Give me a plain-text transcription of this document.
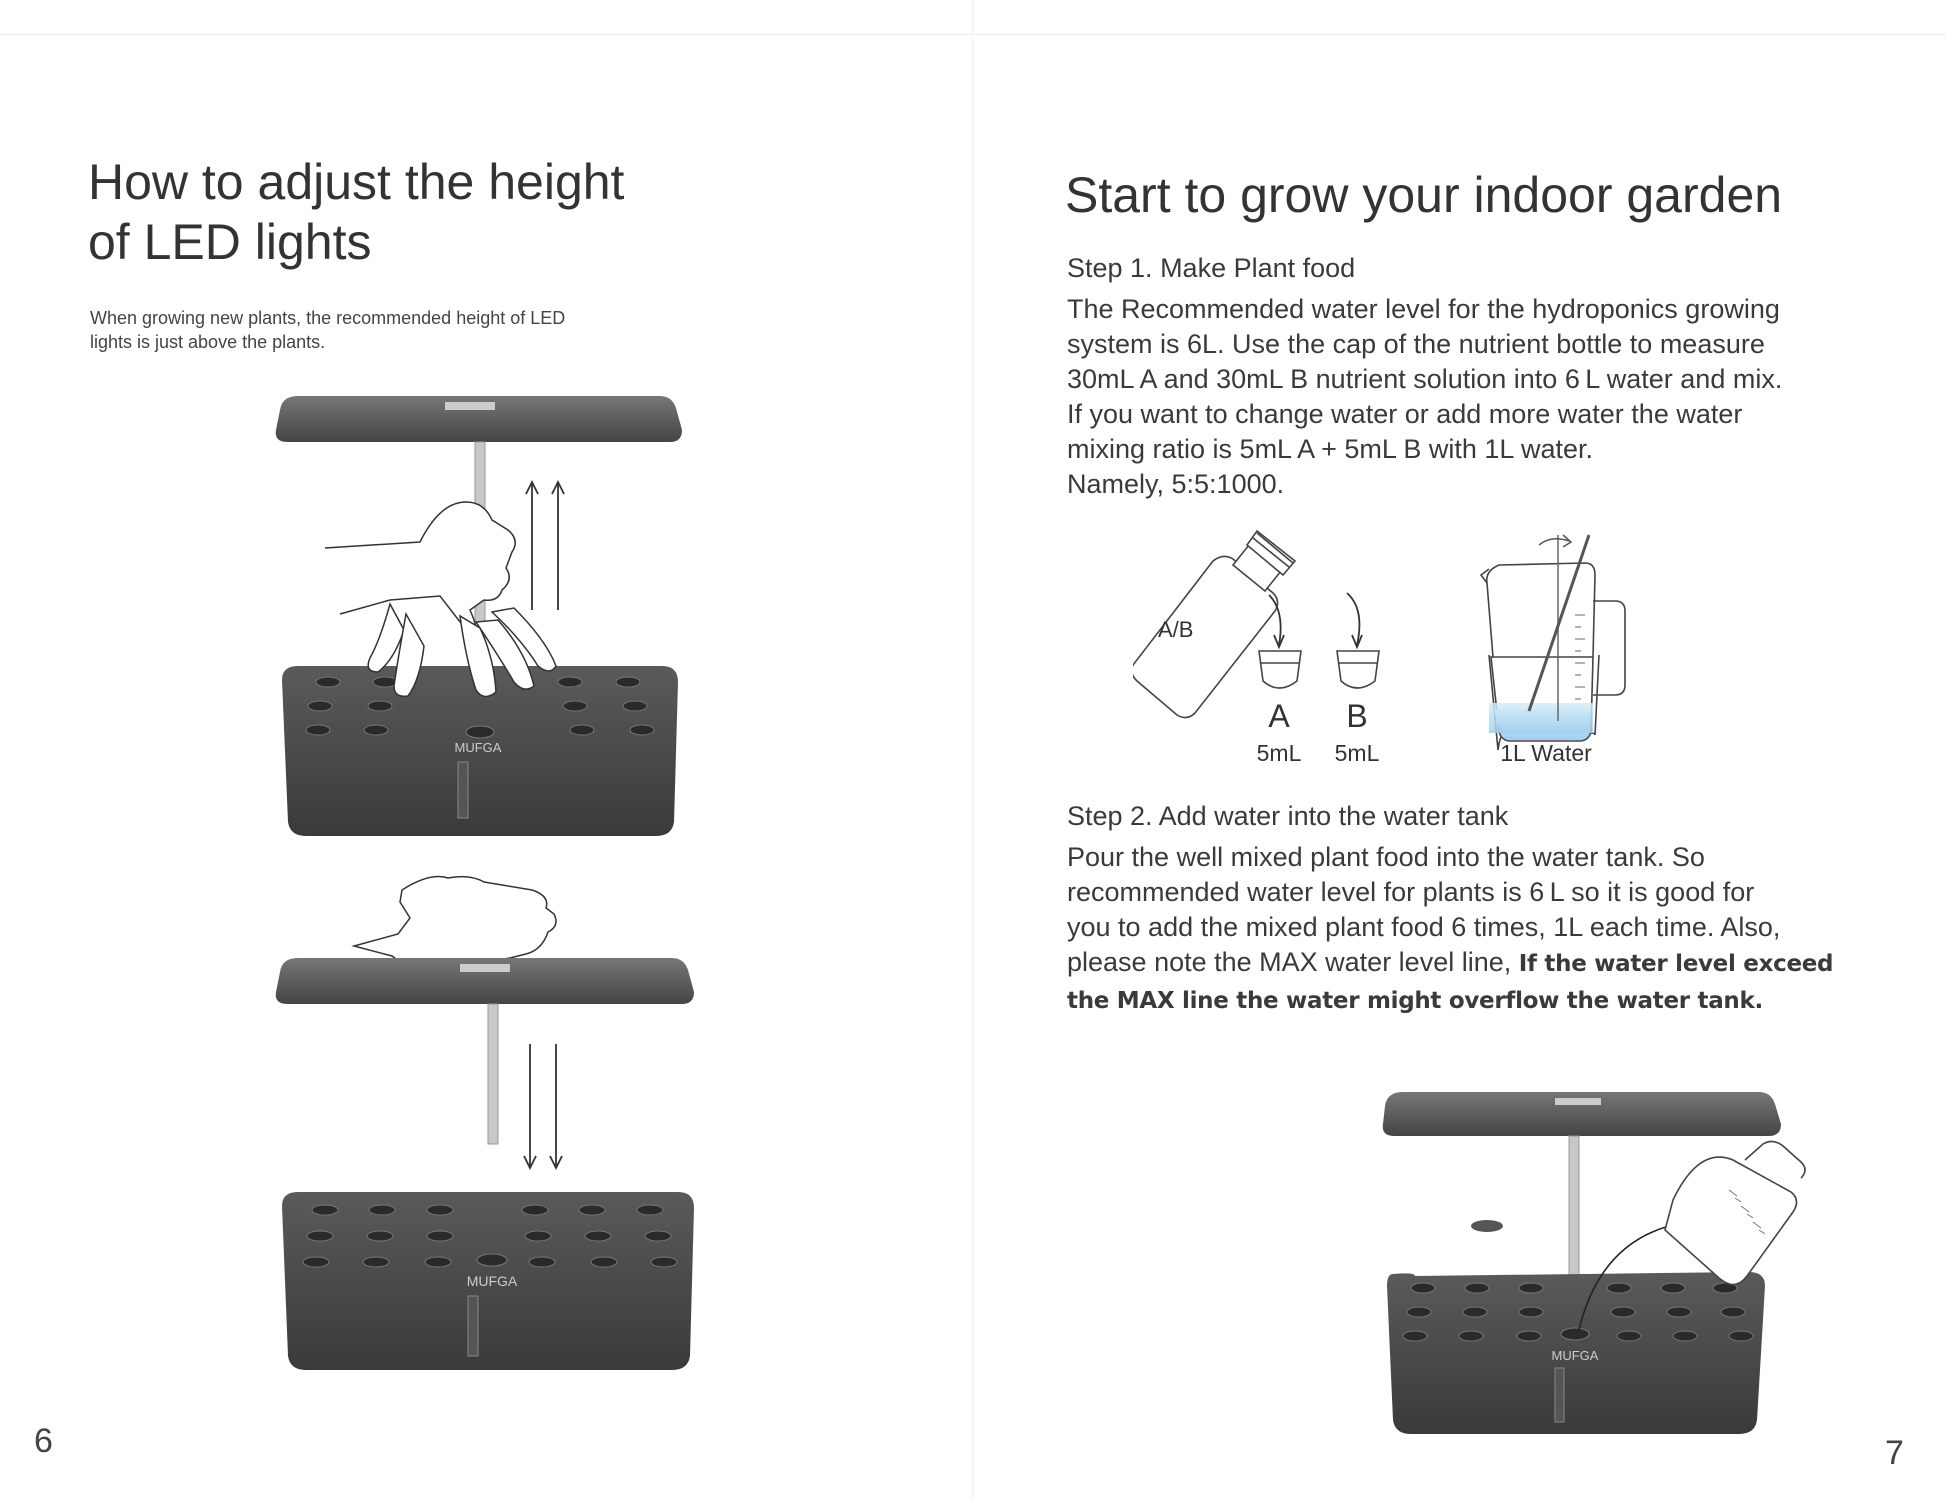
How to adjust the height
of LED lights

When growing new plants, the recommended height of LED
lights is just above the plants.

MUFGA
MUFGA
6
Start to grow your indoor garden
Step 1. Make Plant food

The Recommended water level for the hydroponics growing
system is 6L. Use the cap of the nutrient bottle to measure
30mL A and 30mL B nutrient solution into 6 L water and mix.
If you want to change water or add more water the water
mixing ratio is 5mL A + 5mL B with 1L water.
Namely, 5:5:1000.

A/B
A B
5mL 5mL	1L Water
Step 2. Add water into the water tank

Pour the well mixed plant food into the water tank. So
recommended water level for plants is 6 L so it is good for
you to add the mixed plant food 6 times, 1L each time. Also,
please note the MAX water level line, If the water level exceed
the MAX line the water might overflow the water tank.

MUFGA
7
